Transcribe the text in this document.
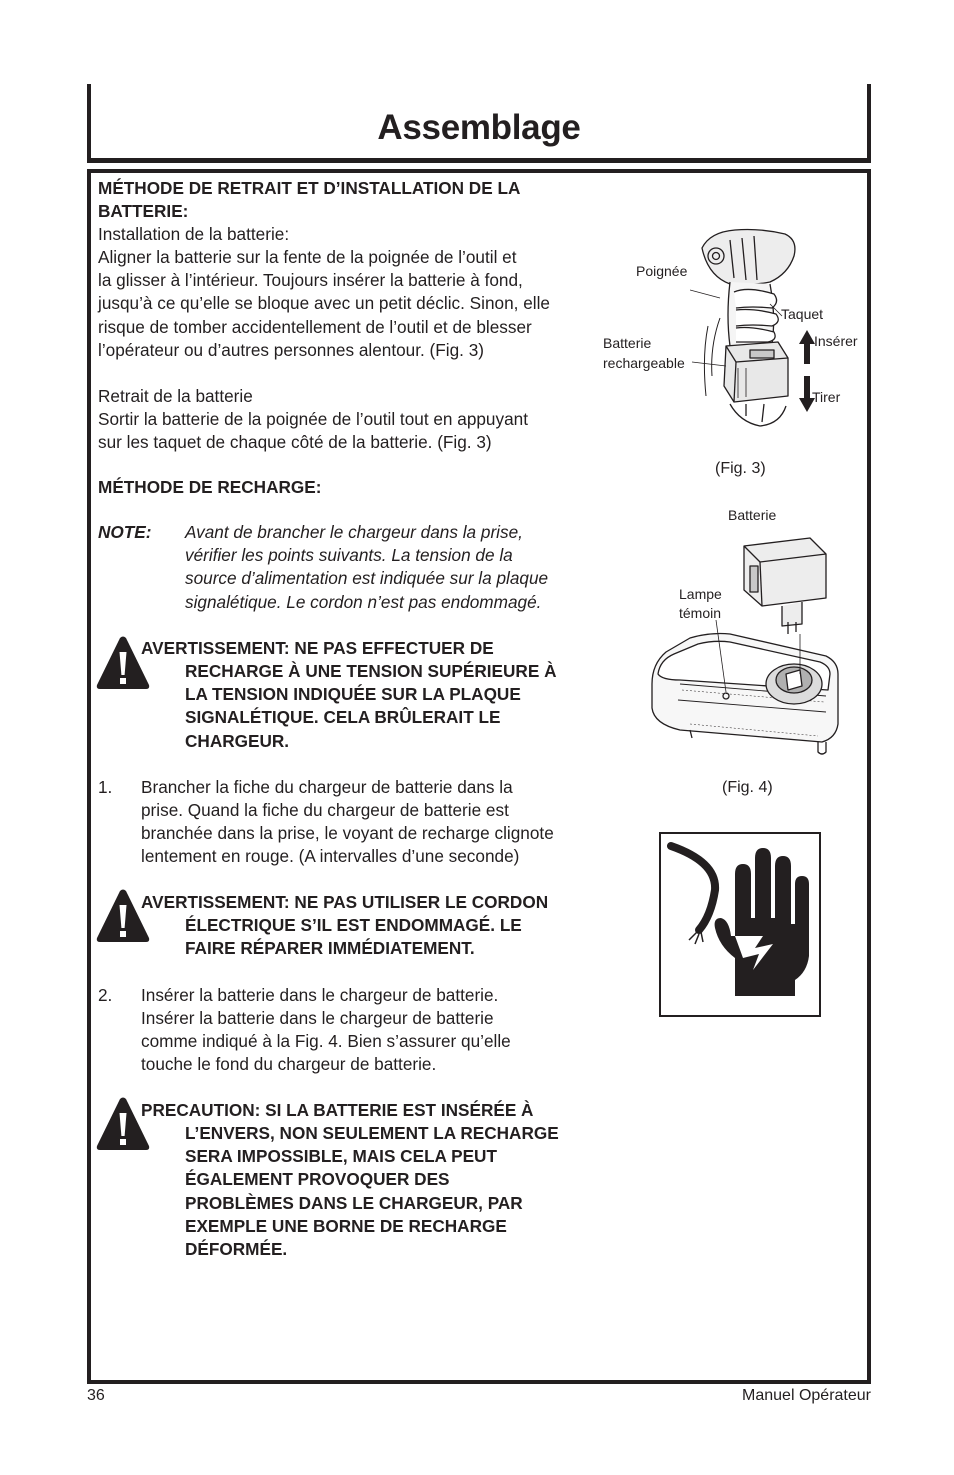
Assemblage
MÉTHODE DE RETRAIT ET D’INSTALLATION DE LA
BATTERIE:
Installation de la batterie:
Aligner la batterie sur la fente de la poignée de l’outil et
la glisser à l’intérieur. Toujours insérer la batterie à fond,
jusqu’à ce qu’elle se bloque avec un petit déclic. Sinon, elle
risque de tomber accidentellement de l’outil et de blesser
l’opérateur ou d’autres personnes alentour. (Fig. 3)
Retrait de la batterie
Sortir la batterie de la poignée de l’outil tout en appuyant
sur les taquet de chaque côté de la batterie. (Fig. 3)
MÉTHODE DE RECHARGE:
NOTE: Avant de brancher le chargeur dans la prise,
vérifier les points suivants. La tension de la
source d’alimentation est indiquée sur la plaque
signalétique. Le cordon n’est pas endommagé.
AVERTISSEMENT: NE PAS EFFECTUER DE
RECHARGE À UNE TENSION SUPÉRIEURE À
LA TENSION INDIQUÉE SUR LA PLAQUE
SIGNALÉTIQUE. CELA BRÛLERAIT LE
CHARGEUR.
1. Brancher la fiche du chargeur de batterie dans la
prise. Quand la fiche du chargeur de batterie est
branchée dans la prise, le voyant de recharge clignote
lentement en rouge. (A intervalles d’une seconde)
AVERTISSEMENT: NE PAS UTILISER LE CORDON
ÉLECTRIQUE S’IL EST ENDOMMAGÉ. LE
FAIRE RÉPARER IMMÉDIATEMENT.
2. Insérer la batterie dans le chargeur de batterie.
Insérer la batterie dans le chargeur de batterie
comme indiqué à la Fig. 4. Bien s’assurer qu’elle
touche le fond du chargeur de batterie.
PRECAUTION: SI LA BATTERIE EST INSÉRÉE À
L’ENVERS, NON SEULEMENT LA RECHARGE
SERA IMPOSSIBLE, MAIS CELA PEUT
ÉGALEMENT PROVOQUER DES
PROBLÈMES DANS LE CHARGEUR, PAR
EXEMPLE UNE BORNE DE RECHARGE
DÉFORMÉE.
Poignée
Taquet
Batterie
rechargeable
Insérer
Tirer
(Fig. 3)
Batterie
Lampe
témoin
(Fig. 4)
36	Manuel Opérateur
